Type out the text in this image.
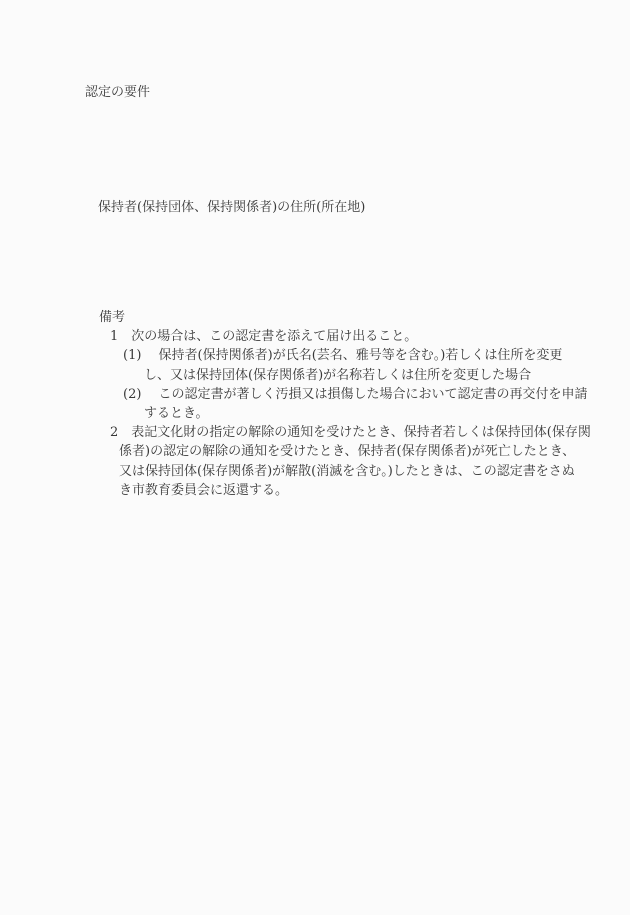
認定の要件
保持者(保持団体、保持関係者)の住所(所在地)
備考
1　次の場合は、この認定書を添えて届け出ること。
(1)　 保持者(保持関係者)が氏名(芸名、雅号等を含む。)若しくは住所を変更
し、又は保持団体(保存関係者)が名称若しくは住所を変更した場合
(2)　 この認定書が著しく汚損又は損傷した場合において認定書の再交付を申請
するとき。
2　表記文化財の指定の解除の通知を受けたとき、保持者若しくは保持団体(保存関
係者)の認定の解除の通知を受けたとき、保持者(保存関係者)が死亡したとき、
又は保持団体(保存関係者)が解散(消滅を含む。)したときは、この認定書をさぬ
き市教育委員会に返還する。
